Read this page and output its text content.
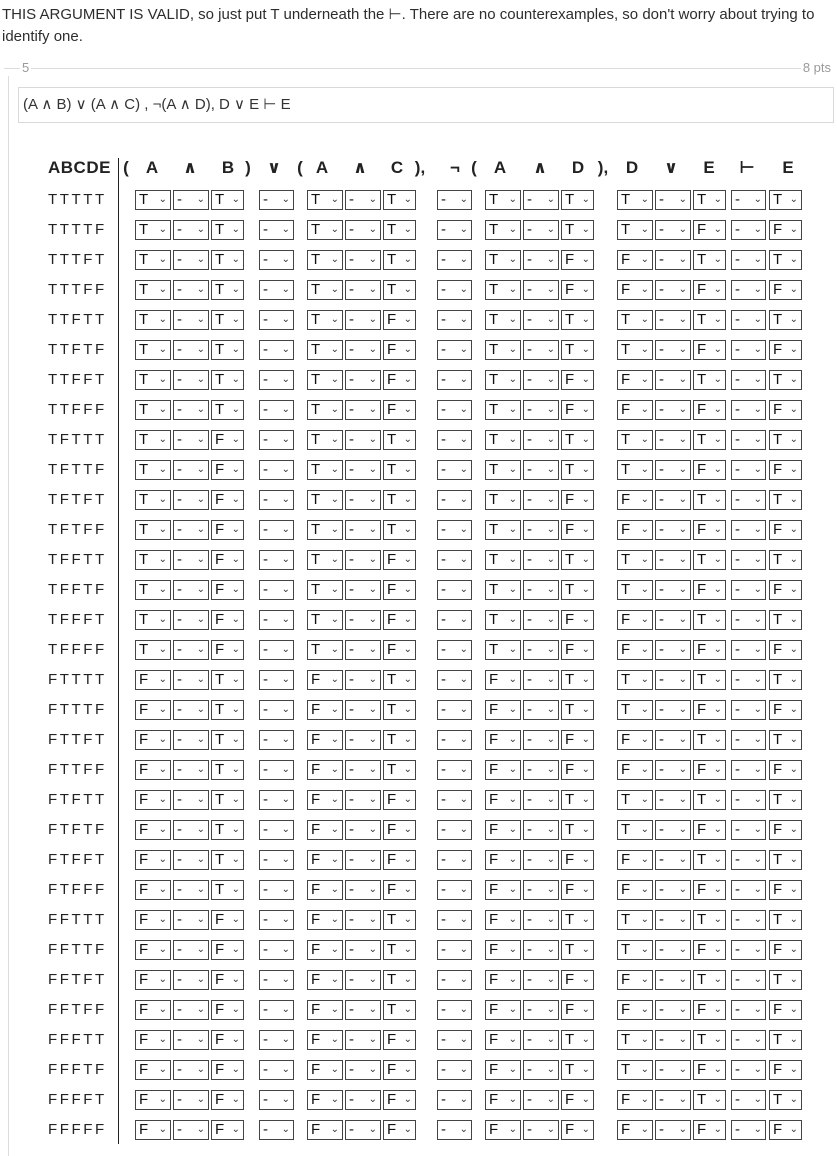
THIS ARGUMENT IS VALID, so just put T underneath the ⊢. There are no counterexamples, so don't worry about trying to identify one.
5	8 pts
(A ∧ B) ∨ (A ∧ C) , ¬(A ∧ D), D ∨ E ⊢ E
ABCDE (	A ∧ B ) ∨ ( A ∧ C ), ¬ (	A ∧ D ), D ∨ E ⊢ E
TTTTT	T ⌄ - ⌄ T ⌄ - ⌄ T ⌄ - ⌄ T ⌄ - ⌄ T ⌄ - ⌄ T ⌄ T ⌄ - ⌄ T ⌄ - ⌄ T ⌄
TTTTF	T ⌄ - ⌄ T ⌄ - ⌄ T ⌄ - ⌄ T ⌄ - ⌄ T ⌄ - ⌄ T ⌄ T ⌄ - ⌄ F ⌄ - ⌄ F ⌄
TTTFT	T ⌄ - ⌄ T ⌄ - ⌄ T ⌄ - ⌄ T ⌄ - ⌄ T ⌄ - ⌄ F ⌄ F ⌄ - ⌄ T ⌄ - ⌄ T ⌄
TTTFF	T ⌄ - ⌄ T ⌄ - ⌄ T ⌄ - ⌄ T ⌄ - ⌄ T ⌄ - ⌄ F ⌄ F ⌄ - ⌄ F ⌄ - ⌄ F ⌄
TTFTT	T ⌄ - ⌄ T ⌄ - ⌄ T ⌄ - ⌄ F ⌄ - ⌄ T ⌄ - ⌄ T ⌄ T ⌄ - ⌄ T ⌄ - ⌄ T ⌄
TTFTF	T ⌄ - ⌄ T ⌄ - ⌄ T ⌄ - ⌄ F ⌄ - ⌄ T ⌄ - ⌄ T ⌄ T ⌄ - ⌄ F ⌄ - ⌄ F ⌄
TTFFT	T ⌄ - ⌄ T ⌄ - ⌄ T ⌄ - ⌄ F ⌄ - ⌄ T ⌄ - ⌄ F ⌄ F ⌄ - ⌄ T ⌄ - ⌄ T ⌄
TTFFF	T ⌄ - ⌄ T ⌄ - ⌄ T ⌄ - ⌄ F ⌄ - ⌄ T ⌄ - ⌄ F ⌄ F ⌄ - ⌄ F ⌄ - ⌄ F ⌄
TFTTT	T ⌄ - ⌄ F ⌄ - ⌄ T ⌄ - ⌄ T ⌄ - ⌄ T ⌄ - ⌄ T ⌄ T ⌄ - ⌄ T ⌄ - ⌄ T ⌄
TFTTF	T ⌄ - ⌄ F ⌄ - ⌄ T ⌄ - ⌄ T ⌄ - ⌄ T ⌄ - ⌄ T ⌄ T ⌄ - ⌄ F ⌄ - ⌄ F ⌄
TFTFT	T ⌄ - ⌄ F ⌄ - ⌄ T ⌄ - ⌄ T ⌄ - ⌄ T ⌄ - ⌄ F ⌄ F ⌄ - ⌄ T ⌄ - ⌄ T ⌄
TFTFF	T ⌄ - ⌄ F ⌄ - ⌄ T ⌄ - ⌄ T ⌄ - ⌄ T ⌄ - ⌄ F ⌄ F ⌄ - ⌄ F ⌄ - ⌄ F ⌄
TFFTT	T ⌄ - ⌄ F ⌄ - ⌄ T ⌄ - ⌄ F ⌄ - ⌄ T ⌄ - ⌄ T ⌄ T ⌄ - ⌄ T ⌄ - ⌄ T ⌄
TFFTF	T ⌄ - ⌄ F ⌄ - ⌄ T ⌄ - ⌄ F ⌄ - ⌄ T ⌄ - ⌄ T ⌄ T ⌄ - ⌄ F ⌄ - ⌄ F ⌄
TFFFT	T ⌄ - ⌄ F ⌄ - ⌄ T ⌄ - ⌄ F ⌄ - ⌄ T ⌄ - ⌄ F ⌄ F ⌄ - ⌄ T ⌄ - ⌄ T ⌄
TFFFF	T ⌄ - ⌄ F ⌄ - ⌄ T ⌄ - ⌄ F ⌄ - ⌄ T ⌄ - ⌄ F ⌄ F ⌄ - ⌄ F ⌄ - ⌄ F ⌄
FTTTT	F ⌄ - ⌄ T ⌄ - ⌄ F ⌄ - ⌄ T ⌄ - ⌄ F ⌄ - ⌄ T ⌄ T ⌄ - ⌄ T ⌄ - ⌄ T ⌄
FTTTF	F ⌄ - ⌄ T ⌄ - ⌄ F ⌄ - ⌄ T ⌄ - ⌄ F ⌄ - ⌄ T ⌄ T ⌄ - ⌄ F ⌄ - ⌄ F ⌄
FTTFT	F ⌄ - ⌄ T ⌄ - ⌄ F ⌄ - ⌄ T ⌄ - ⌄ F ⌄ - ⌄ F ⌄ F ⌄ - ⌄ T ⌄ - ⌄ T ⌄
FTTFF	F ⌄ - ⌄ T ⌄ - ⌄ F ⌄ - ⌄ T ⌄ - ⌄ F ⌄ - ⌄ F ⌄ F ⌄ - ⌄ F ⌄ - ⌄ F ⌄
FTFTT	F ⌄ - ⌄ T ⌄ - ⌄ F ⌄ - ⌄ F ⌄ - ⌄ F ⌄ - ⌄ T ⌄ T ⌄ - ⌄ T ⌄ - ⌄ T ⌄
FTFTF	F ⌄ - ⌄ T ⌄ - ⌄ F ⌄ - ⌄ F ⌄ - ⌄ F ⌄ - ⌄ T ⌄ T ⌄ - ⌄ F ⌄ - ⌄ F ⌄
FTFFT	F ⌄ - ⌄ T ⌄ - ⌄ F ⌄ - ⌄ F ⌄ - ⌄ F ⌄ - ⌄ F ⌄ F ⌄ - ⌄ T ⌄ - ⌄ T ⌄
FTFFF	F ⌄ - ⌄ T ⌄ - ⌄ F ⌄ - ⌄ F ⌄ - ⌄ F ⌄ - ⌄ F ⌄ F ⌄ - ⌄ F ⌄ - ⌄ F ⌄
FFTTT	F ⌄ - ⌄ F ⌄ - ⌄ F ⌄ - ⌄ T ⌄ - ⌄ F ⌄ - ⌄ T ⌄ T ⌄ - ⌄ T ⌄ - ⌄ T ⌄
FFTTF	F ⌄ - ⌄ F ⌄ - ⌄ F ⌄ - ⌄ T ⌄ - ⌄ F ⌄ - ⌄ T ⌄ T ⌄ - ⌄ F ⌄ - ⌄ F ⌄
FFTFT	F ⌄ - ⌄ F ⌄ - ⌄ F ⌄ - ⌄ T ⌄ - ⌄ F ⌄ - ⌄ F ⌄ F ⌄ - ⌄ T ⌄ - ⌄ T ⌄
FFTFF	F ⌄ - ⌄ F ⌄ - ⌄ F ⌄ - ⌄ T ⌄ - ⌄ F ⌄ - ⌄ F ⌄ F ⌄ - ⌄ F ⌄ - ⌄ F ⌄
FFFTT	F ⌄ - ⌄ F ⌄ - ⌄ F ⌄ - ⌄ F ⌄ - ⌄ F ⌄ - ⌄ T ⌄ T ⌄ - ⌄ T ⌄ - ⌄ T ⌄
FFFTF	F ⌄ - ⌄ F ⌄ - ⌄ F ⌄ - ⌄ F ⌄ - ⌄ F ⌄ - ⌄ T ⌄ T ⌄ - ⌄ F ⌄ - ⌄ F ⌄
FFFFT	F ⌄ - ⌄ F ⌄ - ⌄ F ⌄ - ⌄ F ⌄ - ⌄ F ⌄ - ⌄ F ⌄ F ⌄ - ⌄ T ⌄ - ⌄ T ⌄
FFFFF	F ⌄ - ⌄ F ⌄ - ⌄ F ⌄ - ⌄ F ⌄ - ⌄ F ⌄ - ⌄ F ⌄ F ⌄ - ⌄ F ⌄ - ⌄ F ⌄
